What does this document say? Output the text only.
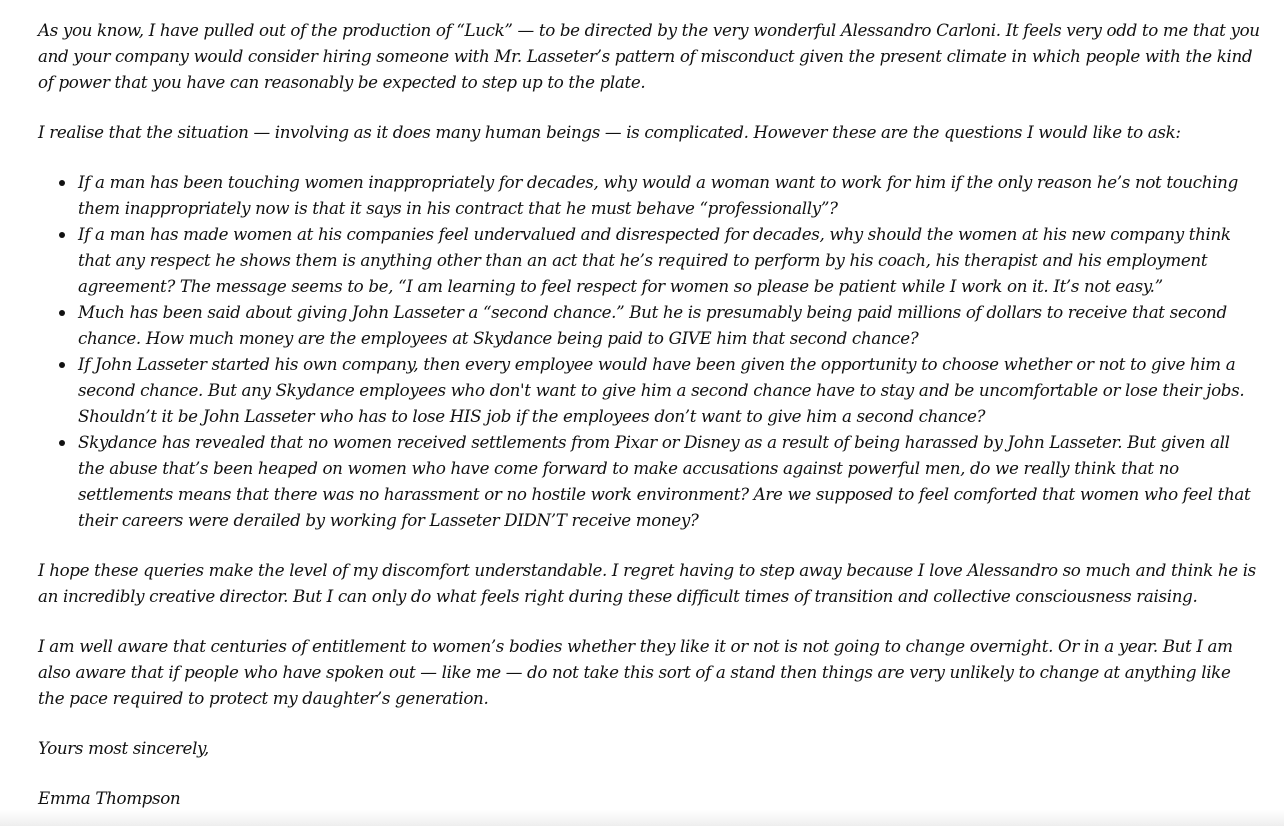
As you know, I have pulled out of the production of “Luck” — to be directed by the very wonderful Alessandro Carloni. It feels very odd to me that you and your company would consider hiring someone with Mr. Lasseter’s pattern of misconduct given the present climate in which people with the kind of power that you have can reasonably be expected to step up to the plate.

I realise that the situation — involving as it does many human beings — is complicated. However these are the questions I would like to ask:

If a man has been touching women inappropriately for decades, why would a woman want to work for him if the only reason he’s not touching them inappropriately now is that it says in his contract that he must behave “professionally”?
If a man has made women at his companies feel undervalued and disrespected for decades, why should the women at his new company think that any respect he shows them is anything other than an act that he’s required to perform by his coach, his therapist and his employment agreement? The message seems to be, “I am learning to feel respect for women so please be patient while I work on it. It’s not easy.”
Much has been said about giving John Lasseter a “second chance.” But he is presumably being paid millions of dollars to receive that second chance. How much money are the employees at Skydance being paid to GIVE him that second chance?
If John Lasseter started his own company, then every employee would have been given the opportunity to choose whether or not to give him a second chance. But any Skydance employees who don't want to give him a second chance have to stay and be uncomfortable or lose their jobs. Shouldn’t it be John Lasseter who has to lose HIS job if the employees don’t want to give him a second chance?
Skydance has revealed that no women received settlements from Pixar or Disney as a result of being harassed by John Lasseter. But given all the abuse that’s been heaped on women who have come forward to make accusations against powerful men, do we really think that no settlements means that there was no harassment or no hostile work environment? Are we supposed to feel comforted that women who feel that their careers were derailed by working for Lasseter DIDN’T receive money?

I hope these queries make the level of my discomfort understandable. I regret having to step away because I love Alessandro so much and think he is an incredibly creative director. But I can only do what feels right during these difficult times of transition and collective consciousness raising.

I am well aware that centuries of entitlement to women’s bodies whether they like it or not is not going to change overnight. Or in a year. But I am also aware that if people who have spoken out — like me — do not take this sort of a stand then things are very unlikely to change at anything like the pace required to protect my daughter’s generation.

Yours most sincerely,

Emma Thompson
